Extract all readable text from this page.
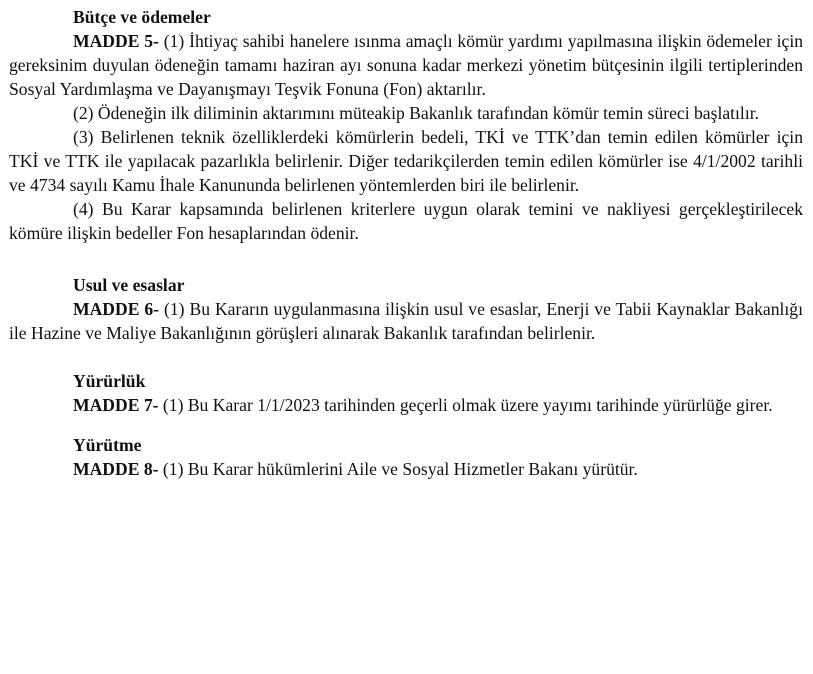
Bütçe ve ödemeler

MADDE 5- (1) İhtiyaç sahibi hanelere ısınma amaçlı kömür yardımı yapılmasına ilişkin ödemeler için gereksinim duyulan ödeneğin tamamı haziran ayı sonuna kadar merkezi yönetim bütçesinin ilgili tertiplerinden Sosyal Yardımlaşma ve Dayanışmayı Teşvik Fonuna (Fon) aktarılır.

(2) Ödeneğin ilk diliminin aktarımını müteakip Bakanlık tarafından kömür temin süreci başlatılır.

(3) Belirlenen teknik özelliklerdeki kömürlerin bedeli, TKİ ve TTK’dan temin edilen kömürler için TKİ ve TTK ile yapılacak pazarlıkla belirlenir. Diğer tedarikçilerden temin edilen kömürler ise 4/1/2002 tarihli ve 4734 sayılı Kamu İhale Kanununda belirlenen yöntemlerden biri ile belirlenir.

(4) Bu Karar kapsamında belirlenen kriterlere uygun olarak temini ve nakliyesi gerçekleştirilecek kömüre ilişkin bedeller Fon hesaplarından ödenir.

Usul ve esaslar

MADDE 6- (1) Bu Kararın uygulanmasına ilişkin usul ve esaslar, Enerji ve Tabii Kaynaklar Bakanlığı ile Hazine ve Maliye Bakanlığının görüşleri alınarak Bakanlık tarafından belirlenir.

Yürürlük

MADDE 7- (1) Bu Karar 1/1/2023 tarihinden geçerli olmak üzere yayımı tarihinde yürürlüğe girer.

Yürütme

MADDE 8- (1) Bu Karar hükümlerini Aile ve Sosyal Hizmetler Bakanı yürütür.
